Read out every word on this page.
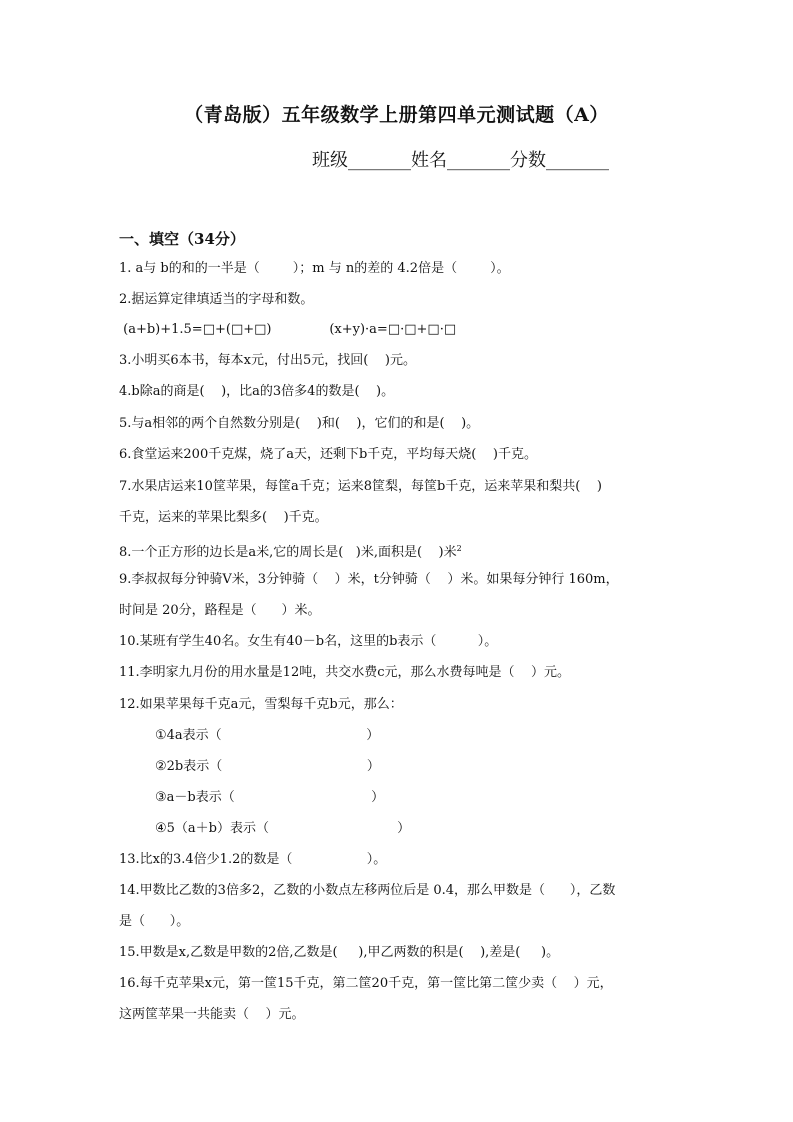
（青岛版）五年级数学上册第四单元测试题（A）
班级_______姓名_______分数_______
一、填空（34分）
1. a与 b的和的一半是（        ）；m 与 n的差的 4.2倍是（        ）。
2.据运算定律填适当的字母和数。
(a+b)+1.5=□+(□+□)              (x+y)·a=□·□+□·□
3.小明买6本书，每本x元，付出5元，找回(    )元。
4.b除a的商是(    )，比a的3倍多4的数是(    )。
5.与a相邻的两个自然数分别是(    )和(    )，它们的和是(    )。
6.食堂运来200千克煤，烧了a天，还剩下b千克，平均每天烧(    )千克。
7.水果店运来10筐苹果，每筐a千克；运来8筐梨，每筐b千克，运来苹果和梨共(    )
千克，运来的苹果比梨多(    )千克。
8.一个正方形的边长是a米,它的周长是(   )米,面积是(    )米$^2$
9.李叔叔每分钟骑V米，3分钟骑（    ）米，t分钟骑（    ）米。如果每分钟行 160m，
时间是 20分，路程是（      ）米。
10.某班有学生40名。女生有40－b名，这里的b表示（          ）。
11.李明家九月份的用水量是12吨，共交水费c元，那么水费每吨是（    ）元。
12.如果苹果每千克a元，雪梨每千克b元，那么：
①4a表示（                                   ）
②2b表示（                                   ）
③a－b表示（                                 ）
④5（a＋b）表示（                               ）
13.比x的3.4倍少1.2的数是（                  ）。
14.甲数比乙数的3倍多2，乙数的小数点左移两位后是 0.4，那么甲数是（      ），乙数
是（      ）。
15.甲数是x,乙数是甲数的2倍,乙数是(     ),甲乙两数的积是(    ),差是(     )。
16.每千克苹果x元，第一筐15千克，第二筐20千克，第一筐比第二筐少卖（    ）元，
这两筐苹果一共能卖（    ）元。
